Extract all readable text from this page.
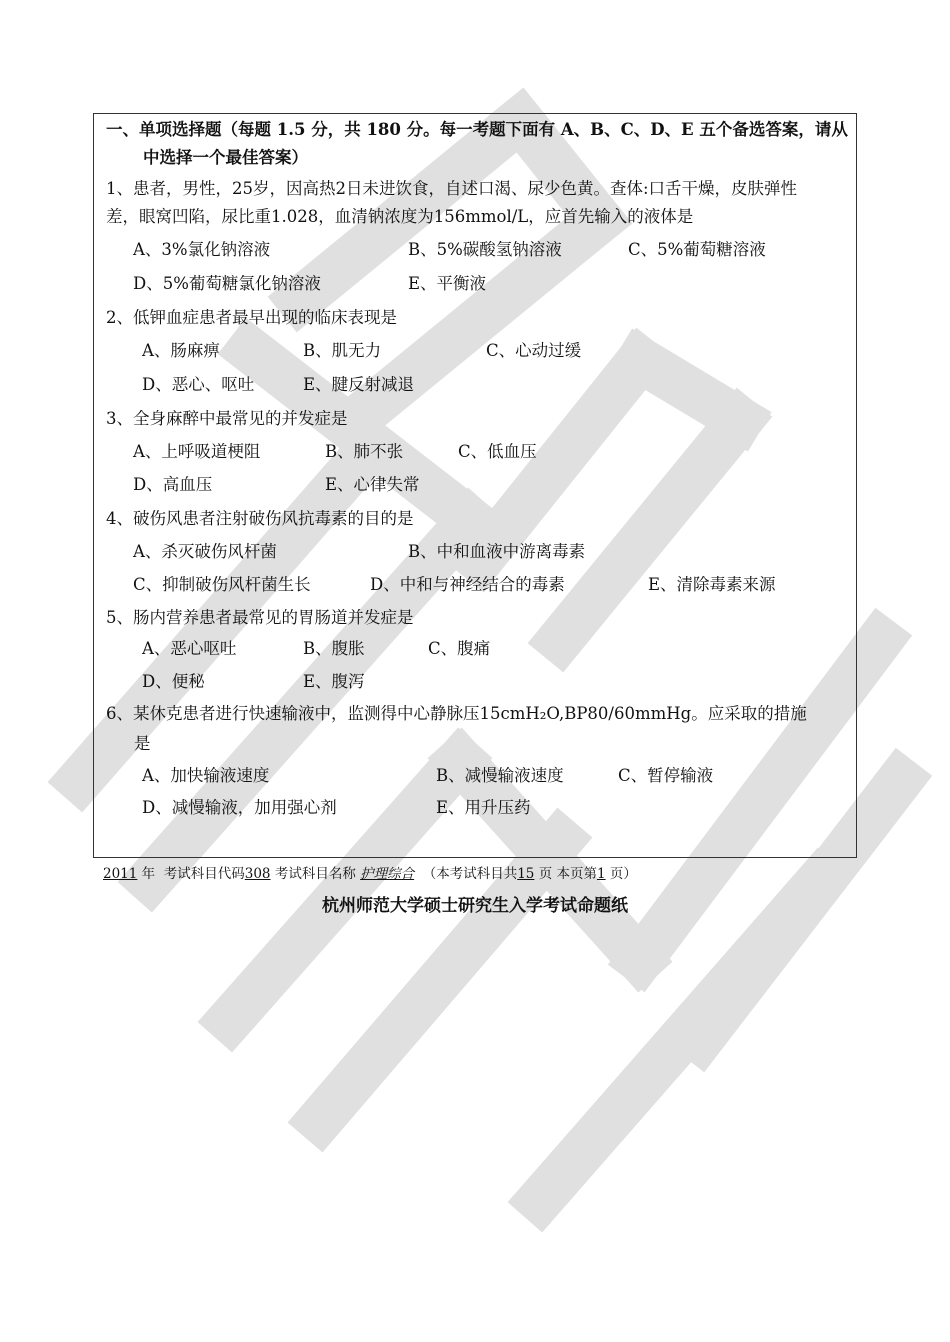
一、单项选择题（每题 1.5 分，共 180 分。每一考题下面有 A、B、C、D、E 五个备选答案，请从
中选择一个最佳答案）
1、患者，男性，25岁，因高热2日未进饮食，自述口渴、尿少色黄。查体:口舌干燥，皮肤弹性
差，眼窝凹陷，尿比重1.028，血清钠浓度为156mmol/L，应首先输入的液体是
A、3%氯化钠溶液	B、5%碳酸氢钠溶液	C、5%葡萄糖溶液
D、5%葡萄糖氯化钠溶液	E、平衡液
2、低钾血症患者最早出现的临床表现是
A、肠麻痹	B、肌无力	C、心动过缓
D、恶心、呕吐	E、腱反射减退
3、全身麻醉中最常见的并发症是
A、上呼吸道梗阻	B、肺不张	C、低血压
D、高血压	E、心律失常
4、破伤风患者注射破伤风抗毒素的目的是
A、杀灭破伤风杆菌	B、中和血液中游离毒素
C、抑制破伤风杆菌生长	D、中和与神经结合的毒素	E、清除毒素来源
5、肠内营养患者最常见的胃肠道并发症是
A、恶心呕吐	B、腹胀	C、腹痛
D、便秘	E、腹泻
6、某休克患者进行快速输液中，监测得中心静脉压15cmH₂O,BP80/60mmHg。应采取的措施
是
A、加快输液速度	B、减慢输液速度	C、暂停输液
D、减慢输液，加用强心剂	E、用升压药
2011 年 考试科目代码308 考试科目名称 护理综合 （本考试科目共15 页 本页第1 页）
杭州师范大学硕士研究生入学考试命题纸
